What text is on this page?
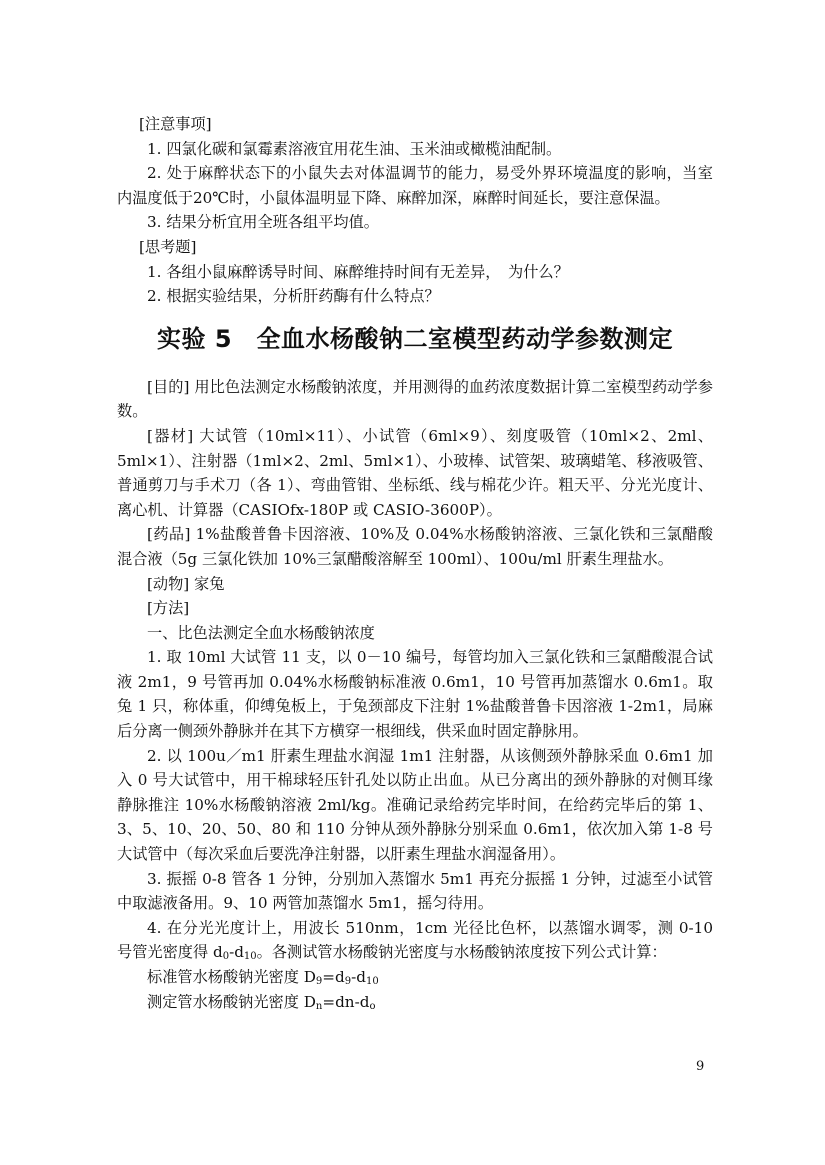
[注意事项]

1. 四氯化碳和氯霉素溶液宜用花生油、玉米油或橄榄油配制。

2. 处于麻醉状态下的小鼠失去对体温调节的能力，易受外界环境温度的影响，当室内温度低于20℃时，小鼠体温明显下降、麻醉加深，麻醉时间延长，要注意保温。

3. 结果分析宜用全班各组平均值。

[思考题]

1. 各组小鼠麻醉诱导时间、麻醉维持时间有无差异，　为什么？

2. 根据实验结果，分析肝药酶有什么特点？

实验 5　全血水杨酸钠二室模型药动学参数测定

[目的] 用比色法测定水杨酸钠浓度，并用测得的血药浓度数据计算二室模型药动学参数。

[器材] 大试管（10ml×11）、小试管（6ml×9）、刻度吸管（10ml×2、2ml、5ml×1）、注射器（1ml×2、2ml、5ml×1）、小玻棒、试管架、玻璃蜡笔、移液吸管、普通剪刀与手术刀（各 1）、弯曲管钳、坐标纸、线与棉花少许。粗天平、分光光度计、离心机、计算器（CASIOfx-180P 或 CASIO-3600P）。

[药品] 1%盐酸普鲁卡因溶液、10%及 0.04%水杨酸钠溶液、三氯化铁和三氯醋酸混合液（5g 三氯化铁加 10%三氯醋酸溶解至 100ml）、100u/ml 肝素生理盐水。

[动物] 家兔

[方法]

一、比色法测定全血水杨酸钠浓度

1. 取 10ml 大试管 11 支，以 0－10 编号，每管均加入三氯化铁和三氯醋酸混合试液 2m1，9 号管再加 0.04%水杨酸钠标准液 0.6m1，10 号管再加蒸馏水 0.6m1。取兔 1 只，称体重，仰缚兔板上，于兔颈部皮下注射 1%盐酸普鲁卡因溶液 1-2m1，局麻后分离一侧颈外静脉并在其下方横穿一根细线，供采血时固定静脉用。

2. 以 100u／m1 肝素生理盐水润湿 1m1 注射器，从该侧颈外静脉采血 0.6m1 加入 0 号大试管中，用干棉球轻压针孔处以防止出血。从已分离出的颈外静脉的对侧耳缘静脉推注 10%水杨酸钠溶液 2ml/kg。准确记录给药完毕时间，在给药完毕后的第 1、3、5、10、20、50、80 和 110 分钟从颈外静脉分别采血 0.6m1，依次加入第 1-8 号大试管中（每次采血后要洗净注射器，以肝素生理盐水润湿备用）。

3. 振摇 0-8 管各 1 分钟，分别加入蒸馏水 5m1 再充分振摇 1 分钟，过滤至小试管中取滤液备用。9、10 两管加蒸馏水 5m1，摇匀待用。

4. 在分光光度计上，用波长 510nm，1cm 光径比色杯，以蒸馏水调零，测 0-10 号管光密度得 $d_0-d_{10}$。各测试管水杨酸钠光密度与水杨酸钠浓度按下列公式计算：

标准管水杨酸钠光密度 $D_9=d_9-d_{10}$

测定管水杨酸钠光密度 $D_n=dn-d_o$

9
